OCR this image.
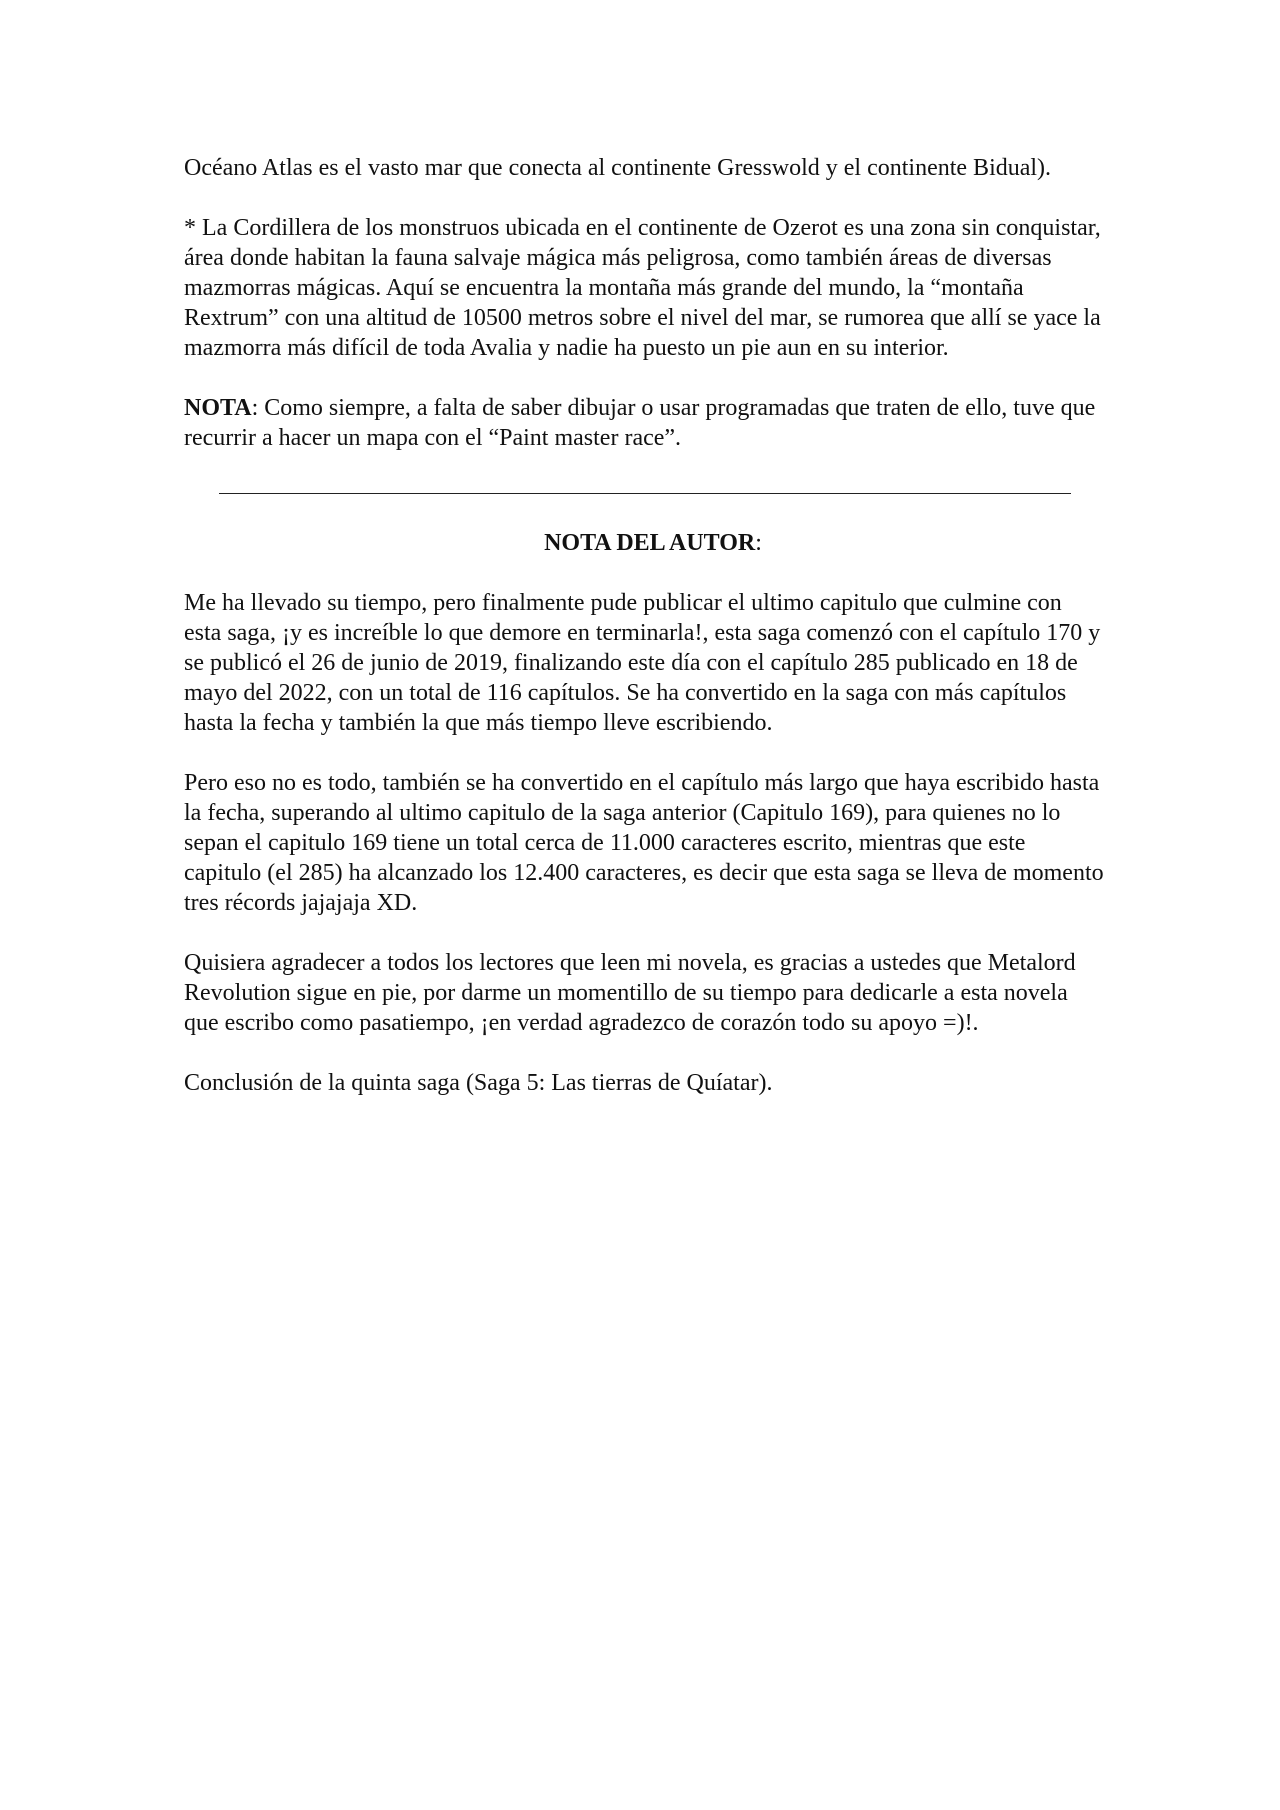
Océano Atlas es el vasto mar que conecta al continente Gresswold y el continente Bidual).

* La Cordillera de los monstruos ubicada en el continente de Ozerot es una zona sin conquistar, área donde habitan la fauna salvaje mágica más peligrosa, como también áreas de diversas mazmorras mágicas. Aquí se encuentra la montaña más grande del mundo, la “montaña Rextrum” con una altitud de 10500 metros sobre el nivel del mar, se rumorea que allí se yace la mazmorra más difícil de toda Avalia y nadie ha puesto un pie aun en su interior.

NOTA: Como siempre, a falta de saber dibujar o usar programadas que traten de ello, tuve que recurrir a hacer un mapa con el “Paint master race”.

NOTA DEL AUTOR:

Me ha llevado su tiempo, pero finalmente pude publicar el ultimo capitulo que culmine con esta saga, ¡y es increíble lo que demore en terminarla!, esta saga comenzó con el capítulo 170 y se publicó el 26 de junio de 2019, finalizando este día con el capítulo 285 publicado en 18 de mayo del 2022, con un total de 116 capítulos. Se ha convertido en la saga con más capítulos hasta la fecha y también la que más tiempo lleve escribiendo.

Pero eso no es todo, también se ha convertido en el capítulo más largo que haya escribido hasta la fecha, superando al ultimo capitulo de la saga anterior (Capitulo 169), para quienes no lo sepan el capitulo 169 tiene un total cerca de 11.000 caracteres escrito, mientras que este capitulo (el 285) ha alcanzado los 12.400 caracteres, es decir que esta saga se lleva de momento tres récords jajajaja XD.

Quisiera agradecer a todos los lectores que leen mi novela, es gracias a ustedes que Metalord Revolution sigue en pie, por darme un momentillo de su tiempo para dedicarle a esta novela que escribo como pasatiempo, ¡en verdad agradezco de corazón todo su apoyo =)!.

Conclusión de la quinta saga (Saga 5: Las tierras de Quíatar).
